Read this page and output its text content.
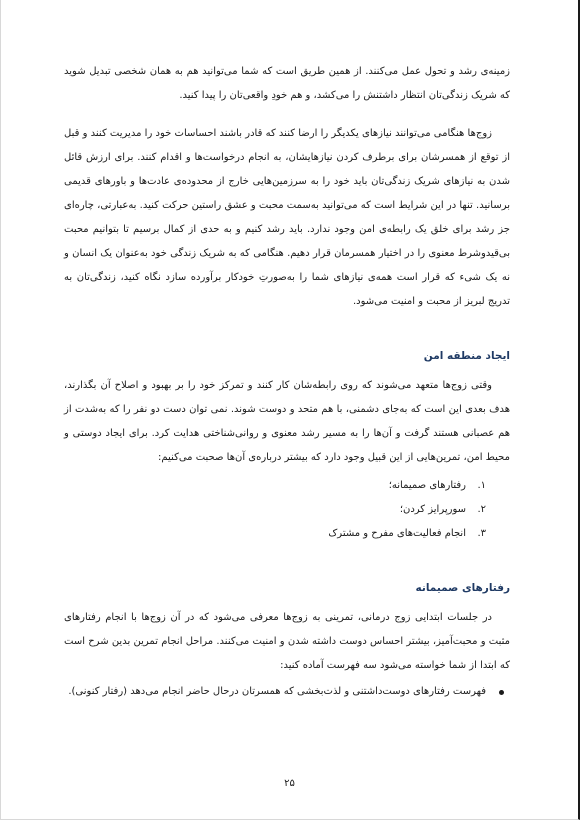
زمینه‌ی رشد و تحول عمل می‌کنند. از همین طریق است که شما می‌توانید هم به همان شخصی تبدیل شوید که شریک زندگی‌تان انتظار داشتنش را می‌کشد، و هم خودِ واقعی‌تان را پیدا کنید.

زوج‌ها هنگامی می‌توانند نیازهای یکدیگر را ارضا کنند که قادر باشند احساسات خود را مدیریت کنند و قبل از توقع از همسرشان برای برطرف کردن نیازهایشان، به انجام درخواست‌ها و اقدام کنند. برای ارزش قائل شدن به نیازهای شریک زندگی‌تان باید خود را به سرزمین‌هایی خارج از محدوده‌ی عادت‌ها و باورهای قدیمی برسانید. تنها در این شرایط است که می‌توانید به‌سمت محبت و عشق راستین حرکت کنید. به‌عبارتی، چاره‌ای جز رشد برای خلق یک رابطه‌ی امن وجود ندارد. باید رشد کنیم و به حدی از کمال برسیم تا بتوانیم محبت بی‌قیدوشرط معنوی را در اختیار همسرمان قرار دهیم. هنگامی که به شریک زندگی خود به‌عنوان یک انسان و نه یک شیء که قرار است همه‌ی نیازهای شما را به‌صورتِ خودکار برآورده سازد نگاه کنید، زندگی‌تان به تدریج لبریز از محبت و امنیت می‌شود.

ایجاد منطقه امن

وقتی زوج‌ها متعهد می‌شوند که روی رابطه‌شان کار کنند و تمرکز خود را بر بهبود و اصلاح آن بگذارند، هدف بعدی این است که به‌جای دشمنی، با هم متحد و دوست شوند. نمی توان دست دو نفر را که به‌شدت از هم عصبانی هستند گرفت و آن‌ها را به مسیر رشد معنوی و روانی‌شناختی هدایت کرد. برای ایجاد دوستی و محیط امن، تمرین‌هایی از این قبیل وجود دارد که بیشتر درباره‌ی آن‌ها صحبت می‌کنیم:

۱.
رفتارهای صمیمانه؛
۲.
سورپرایز کردن؛
۳.
انجام فعالیت‌های مفرح و مشترک
رفتارهای صمیمانه

در جلسات ابتدایی زوج درمانی، تمرینی به زوج‌ها معرفی می‌شود که در آن زوج‌ها با انجام رفتارهای مثبت و محبت‌آمیز، بیشتر احساس دوست داشته شدن و امنیت می‌کنند. مراحل انجام تمرین بدین شرح است که ابتدا از شما خواسته می‌شود سه فهرست آماده کنید:

فهرست رفتارهای دوست‌داشتنی و لذت‌بخشی که همسرتان درحال حاضر انجام می‌دهد (رفتار کنونی).
۲۵
